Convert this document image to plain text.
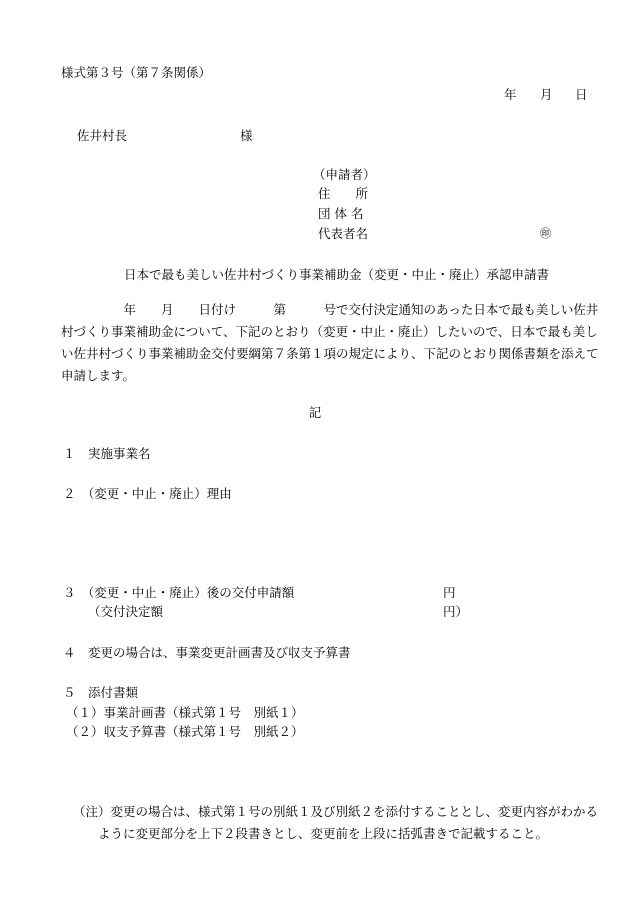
様式第３号（第７条関係）
年 月 日
佐井村長	様
（申請者）
住　　所
団 体 名
代表者名	㊞
日本で最も美しい佐井村づくり事業補助金（変更・中止・廃止）承認申請書
　　　　　年　　月　　日付け　　　第　　　号で交付決定通知のあった日本で最も美しい佐井村づくり事業補助金について、下記のとおり（変更・中止・廃止）したいので、日本で最も美しい佐井村づくり事業補助金交付要綱第７条第１項の規定により、下記のとおり関係書類を添えて申請します。
記
１　実施事業名
２　（変更・中止・廃止）理由
３　（変更・中止・廃止）後の交付申請額	円
（交付決定額	円）
４　変更の場合は、事業変更計画書及び収支予算書
５　添付書類
（１）事業計画書（様式第１号　別紙１）
（２）収支予算書（様式第１号　別紙２）
（注）変更の場合は、様式第１号の別紙１及び別紙２を添付することとし、変更内容がわかるように変更部分を上下２段書きとし、変更前を上段に括弧書きで記載すること。
